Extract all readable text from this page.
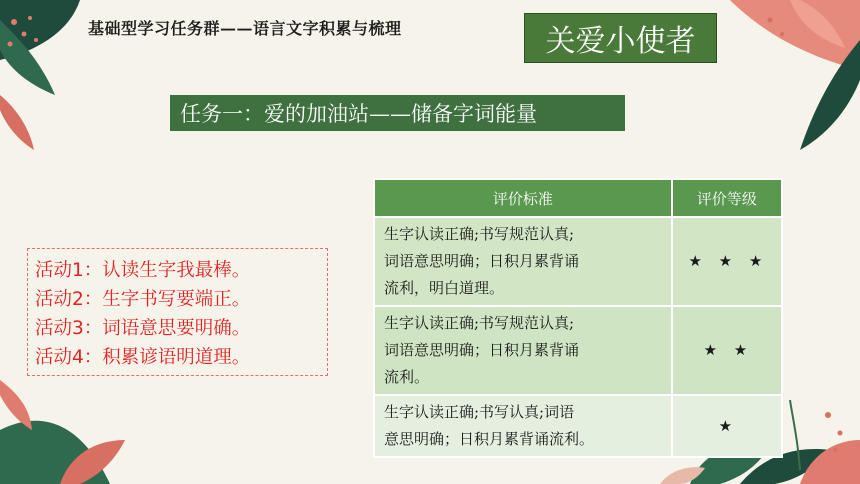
基础型学习任务群——语言文字积累与梳理	关爱小使者
任务一：爱的加油站——储备字词能量
活动1：认读生字我最棒。
活动2：生字书写要端正。
活动3：词语意思要明确。
活动4：积累谚语明道理。
评价标准	评价等级

生字认读正确;书写规范认真;
词语意思明确；日积月累背诵
流利，明白道理。	★ ★ ★

生字认读正确;书写规范认真;
词语意思明确；日积月累背诵
流利。	★ ★

生字认读正确;书写认真;词语
意思明确；日积月累背诵流利。	★
